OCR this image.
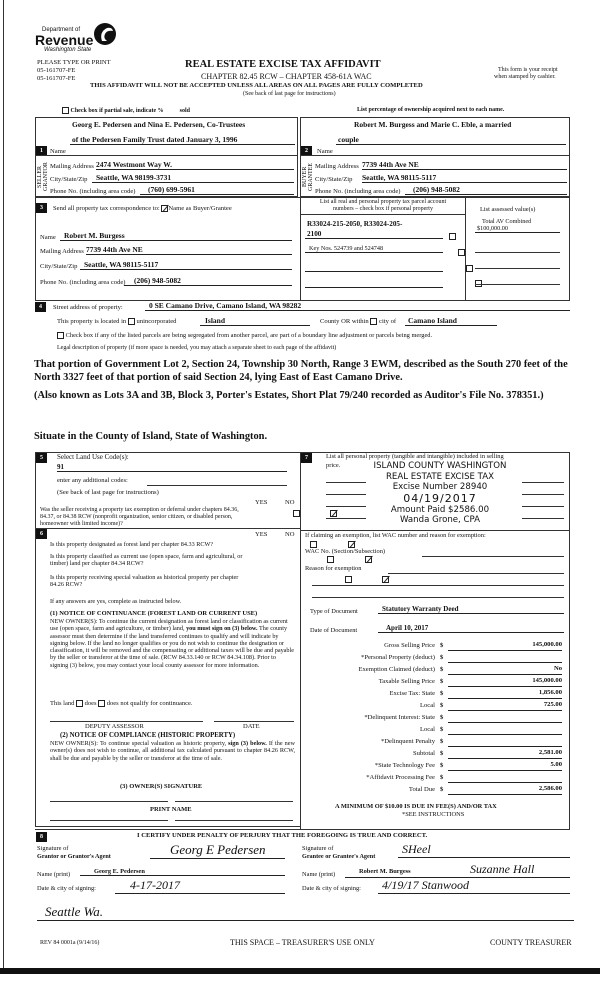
Department of
Revenue
Washington State
PLEASE TYPE OR PRINT
05-161707-FE
05-161707-FE
REAL ESTATE EXCISE TAX AFFIDAVIT
CHAPTER 82.45 RCW – CHAPTER 458-61A WAC
This form is your receipt
when stamped by cashier.
THIS AFFIDAVIT WILL NOT BE ACCEPTED UNLESS ALL AREAS ON ALL PAGES ARE FULLY COMPLETED
(See back of last page for instructions)
Check box if partial sale, indicate %	sold	List percentage of ownership acquired next to each name.
1	Name
Georg E. Pedersen and Nina E. Pedersen, Co-Trustees
of the Pedersen Family Trust dated January 3, 1996
SELLER GRANTOR Mailing Address 2474 Westmont Way W.
City/State/Zip	Seattle, WA 98199-3731
Phone No. (including area code)	(760) 699-5961
2	Name
Robert M. Burgess and Marie C. Eble, a married
couple
BUYER GRANTEE Mailing Address 7739 44th Ave NE
City/State/Zip Seattle, WA 98115-5117
Phone No. (including area code)	(206) 948-5082
3	Send all property tax correspondence to: Name as Buyer/Grantee
Name	Robert M. Burgess
Mailing Address 7739 44th Ave NE
City/State/Zip Seattle, WA 98115-5117
Phone No. (including area code)	(206) 948-5082
List all real and personal property tax parcel account
numbers – check box if personal property	List assessed value(s)
R33024-215-2050, R33024-205-
2100
Key Nos. 524739 and 524748

Total AV Combined
$100,000.00
4	Street address of property:	0 SE Camano Drive, Camano Island, WA 98282
This property is located in unincorporated	Island	County OR within city of	Camano Island
Check box if any of the listed parcels are being segregated from another parcel, are part of a boundary line adjustment or parcels being merged.
Legal description of property (if more space is needed, you may attach a separate sheet to each page of the affidavit)
That portion of Government Lot 2, Section 24, Township 30 North, Range 3 EWM, described as the South 270 feet of the North 3327 feet of that portion of said Section 24, lying East of East Camano Drive.
(Also known as Lots 3A and 3B, Block 3, Porter's Estates, Short Plat 79/240 recorded as Auditor's File No. 378351.)
Situate in the County of Island, State of Washington.
5	Select Land Use Code(s):
91
enter any additional codes:
(See back of last page for instructions)
YES	NO
Was the seller receiving a property tax exemption or deferral under chapters 84.36, 84.37, or 84.38 RCW (nonprofit organization, senior citizen, or disabled person, homeowner with limited income)?

6	YES	NO
Is this property designated as forest land per chapter 84.33 RCW?

Is this property classified as current use (open space, farm and agricultural, or timber) land per chapter 84.34 RCW?

Is this property receiving special valuation as historical property per chapter 84.26 RCW?

If any answers are yes, complete as instructed below.
(1) NOTICE OF CONTINUANCE (FOREST LAND OR CURRENT USE)
NEW OWNER(S): To continue the current designation as forest land or classification as current use (open space, farm and agriculture, or timber) land, you must sign on (3) below. The county assessor must then determine if the land transferred continues to qualify and will indicate by signing below. If the land no longer qualifies or you do not wish to continue the designation or classification, it will be removed and the compensating or additional taxes will be due and payable by the seller or transferor at the time of sale. (RCW 84.33.140 or RCW 84.34.108). Prior to signing (3) below, you may contact your local county assessor for more information.
This land does does not qualify for continuance.
DEPUTY ASSESSOR	DATE
(2) NOTICE OF COMPLIANCE (HISTORIC PROPERTY)
NEW OWNER(S): To continue special valuation as historic property, sign (3) below. If the new owner(s) does not wish to continue, all additional tax calculated pursuant to chapter 84.26 RCW, shall be due and payable by the seller or transferor at the time of sale.
(3) OWNER(S) SIGNATURE
PRINT NAME
7	List all personal property (tangible and intangible) included in selling
price.	ISLAND COUNTY WASHINGTON
REAL ESTATE EXCISE TAX
Excise Number 28940
04/19/2017
Amount Paid $2586.00
Wanda Grone, CPA
If claiming an exemption, list WAC number and reason for exemption:
WAC No. (Section/Subsection)
Reason for exemption
Type of Document	Statutory Warranty Deed
Date of Document	April 10, 2017
Gross Selling Price $	145,000.00
*Personal Property (deduct) $
Exemption Claimed (deduct) $	No
Taxable Selling Price $	145,000.00
Excise Tax: State $	1,856.00
Local $	725.00
*Delinquent Interest: State $
Local $
*Delinquent Penalty $
Subtotal $	2,581.00
*State Technology Fee $	5.00
*Affidavit Processing Fee $
Total Due $	2,586.00
A MINIMUM OF $10.00 IS DUE IN FEE(S) AND/OR TAX
*SEE INSTRUCTIONS
8	I CERTIFY UNDER PENALTY OF PERJURY THAT THE FOREGOING IS TRUE AND CORRECT.
Signature of
Grantor or Grantor's Agent	Georg E Pedersen
Name (print)	Georg E. Pedersen
Date & city of signing:	4-17-2017
Seattle Wa.
Signature of
Grantee or Grantee's Agent
SHeel
Name (print)	Robert M. Burgess	Suzanne Hall
Date & city of signing:	4/19/17 Stanwood
REV 84 0001a (9/14/16)	THIS SPACE – TREASURER'S USE ONLY	COUNTY TREASURER
